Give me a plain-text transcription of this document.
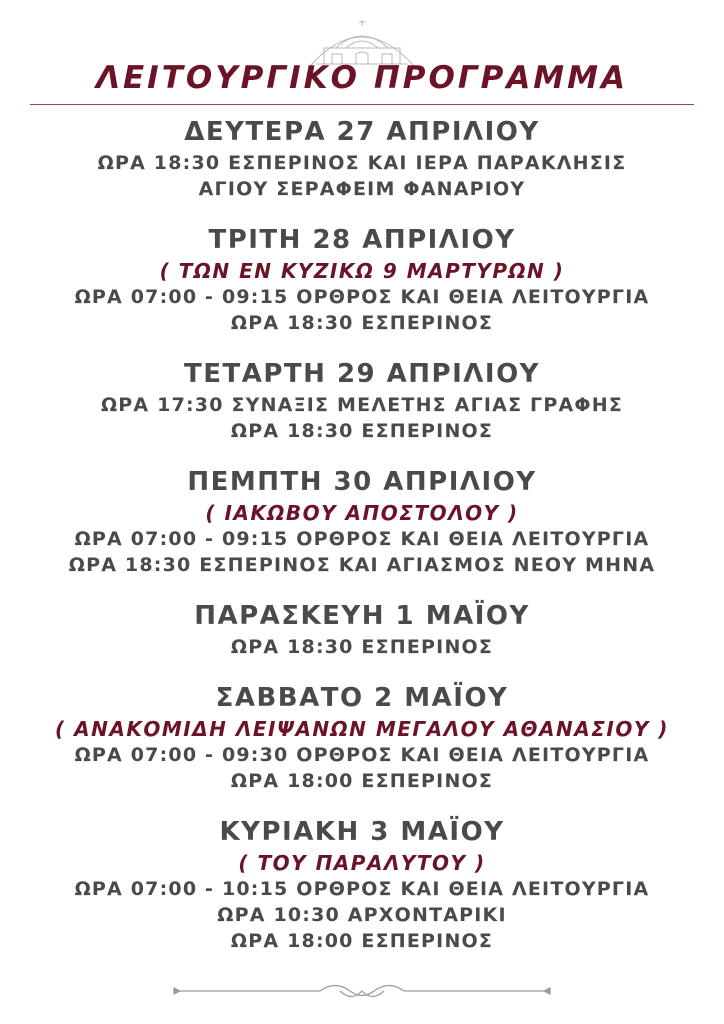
ΛΕΙΤΟΥΡΓΙΚΟ ΠΡΟΓΡΑΜΜΑ
ΔΕΥΤΕΡΑ 27 ΑΠΡΙΛΙΟΥ
ΩΡΑ 18:30 ΕΣΠΕΡΙΝΟΣ ΚΑΙ ΙΕΡΑ ΠΑΡΑΚΛΗΣΙΣ
ΑΓΙΟΥ ΣΕΡΑΦΕΙΜ ΦΑΝΑΡΙΟΥ
ΤΡΙΤΗ 28 ΑΠΡΙΛΙΟΥ
( ΤΩΝ ΕΝ ΚΥΖΙΚΩ 9 ΜΑΡΤΥΡΩΝ )
ΩΡΑ 07:00 - 09:15 ΟΡΘΡΟΣ ΚΑΙ ΘΕΙΑ ΛΕΙΤΟΥΡΓΙΑ
ΩΡΑ 18:30 ΕΣΠΕΡΙΝΟΣ
ΤΕΤΑΡΤΗ 29 ΑΠΡΙΛΙΟΥ
ΩΡΑ 17:30 ΣΥΝΑΞΙΣ ΜΕΛΕΤΗΣ ΑΓΙΑΣ ΓΡΑΦΗΣ
ΩΡΑ 18:30 ΕΣΠΕΡΙΝΟΣ
ΠΕΜΠΤΗ 30 ΑΠΡΙΛΙΟΥ
( ΙΑΚΩΒΟΥ ΑΠΟΣΤΟΛΟΥ )
ΩΡΑ 07:00 - 09:15 ΟΡΘΡΟΣ ΚΑΙ ΘΕΙΑ ΛΕΙΤΟΥΡΓΙΑ
ΩΡΑ 18:30 ΕΣΠΕΡΙΝΟΣ ΚΑΙ ΑΓΙΑΣΜΟΣ ΝΕΟΥ ΜΗΝΑ
ΠΑΡΑΣΚΕΥΗ 1 ΜΑΪΟΥ
ΩΡΑ 18:30 ΕΣΠΕΡΙΝΟΣ
ΣΑΒΒΑΤΟ 2 ΜΑΪΟΥ
( ΑΝΑΚΟΜΙΔΗ ΛΕΙΨΑΝΩΝ ΜΕΓΑΛΟΥ ΑΘΑΝΑΣΙΟΥ )
ΩΡΑ 07:00 - 09:30 ΟΡΘΡΟΣ ΚΑΙ ΘΕΙΑ ΛΕΙΤΟΥΡΓΙΑ
ΩΡΑ 18:00 ΕΣΠΕΡΙΝΟΣ
ΚΥΡΙΑΚΗ 3 ΜΑΪΟΥ
( ΤΟΥ ΠΑΡΑΛΥΤΟΥ )
ΩΡΑ 07:00 - 10:15 ΟΡΘΡΟΣ ΚΑΙ ΘΕΙΑ ΛΕΙΤΟΥΡΓΙΑ
ΩΡΑ 10:30 ΑΡΧΟΝΤΑΡΙΚΙ
ΩΡΑ 18:00 ΕΣΠΕΡΙΝΟΣ
